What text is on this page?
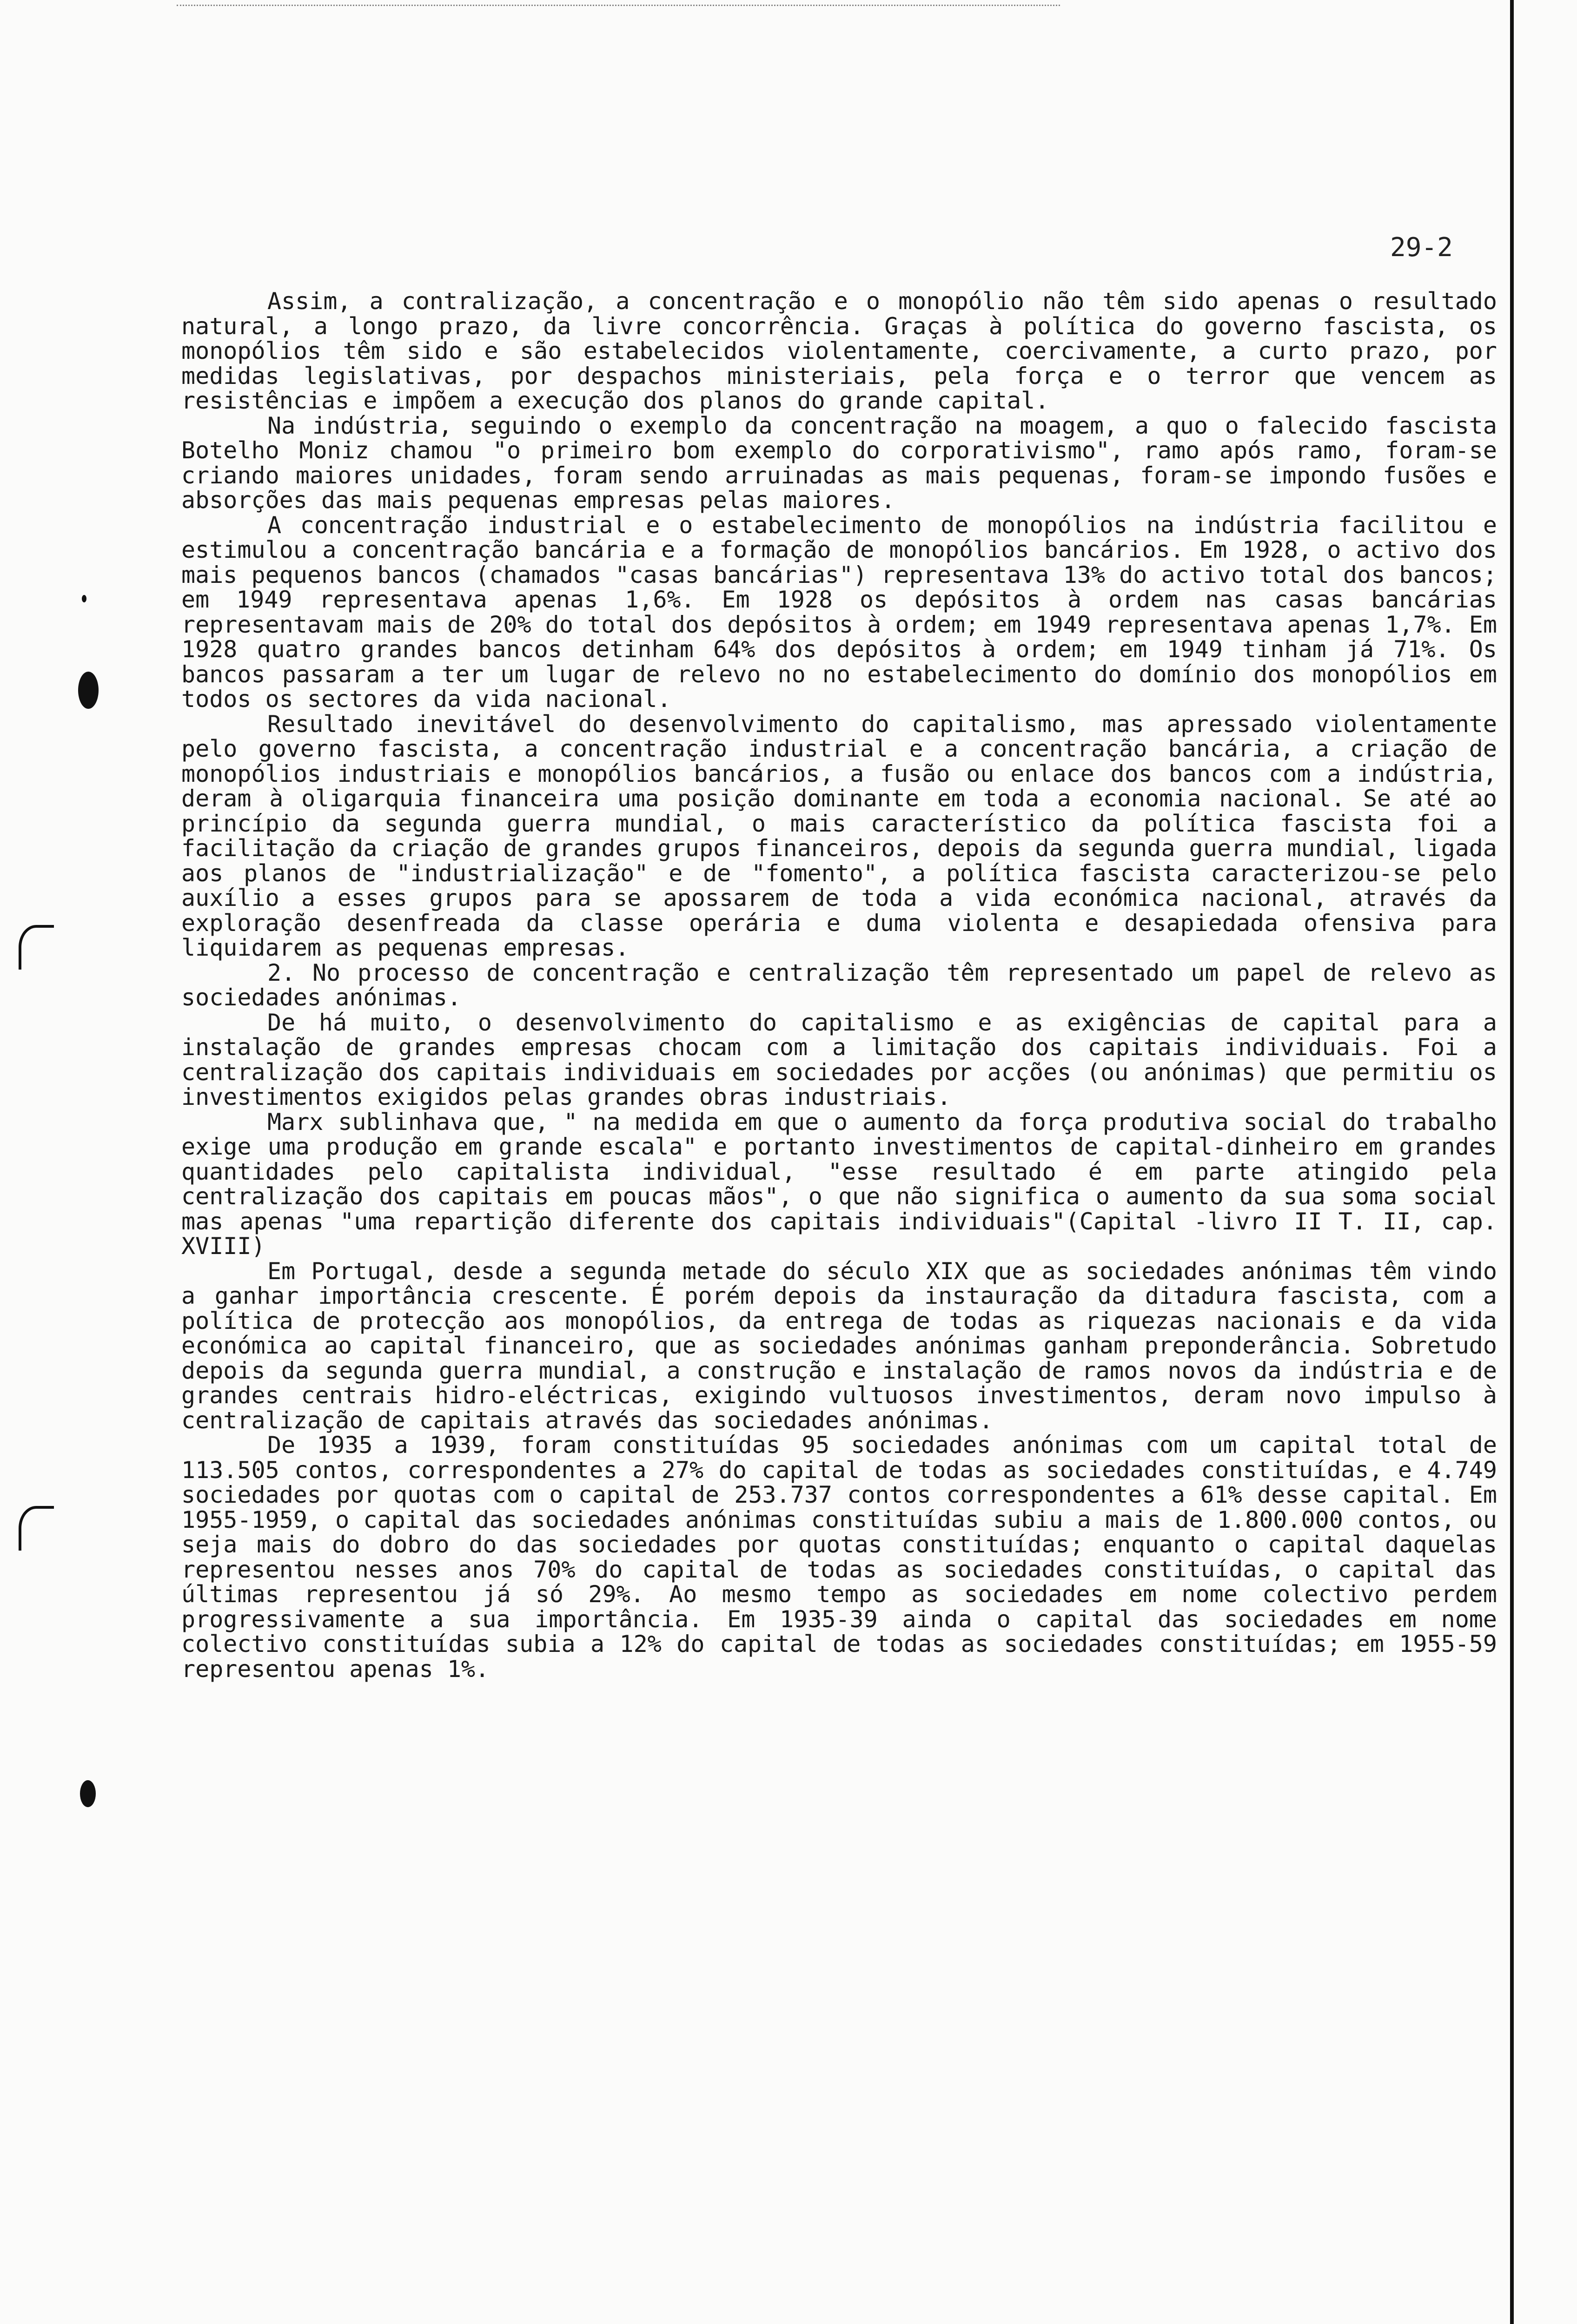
29-2

Assim, a contralização, a concentração e o monopólio não têm sido apenas o resultado natural, a longo prazo, da livre concorrência. Graças à política do governo fascista, os monopólios têm sido e são estabelecidos violentamente, coercivamente, a curto prazo, por medidas legislativas, por despachos ministeriais, pela força e o terror que vencem as resistências e impõem a execução dos planos do grande capital.

Na indústria, seguindo o exemplo da concentração na moagem, a quo o falecido fascista Botelho Moniz chamou "o primeiro bom exemplo do corporativismo", ramo após ramo, foram-se criando maiores unidades, foram sendo arruinadas as mais pequenas, foram-se impondo fusões e absorções das mais pequenas empresas pelas maiores.

A concentração industrial e o estabelecimento de monopólios na indústria facilitou e estimulou a concentração bancária e a formação de monopólios bancários. Em 1928, o activo dos mais pequenos bancos (chamados "casas bancárias") representava 13% do activo total dos bancos; em 1949 representava apenas 1,6%. Em 1928 os depósitos à ordem nas casas bancárias representavam mais de 20% do total dos depósitos à ordem; em 1949 representava apenas 1,7%. Em 1928 quatro grandes bancos detinham 64% dos depósitos à ordem; em 1949 tinham já 71%. Os bancos passaram a ter um lugar de relevo no no estabelecimento do domínio dos monopólios em todos os sectores da vida nacional.

Resultado inevitável do desenvolvimento do capitalismo, mas apressado violentamente pelo governo fascista, a concentração industrial e a concentração bancária, a criação de monopólios industriais e monopólios bancários, a fusão ou enlace dos bancos com a indústria, deram à oligarquia financeira uma posição dominante em toda a economia nacional. Se até ao princípio da segunda guerra mundial, o mais característico da política fascista foi a facilitação da criação de grandes grupos financeiros, depois da segunda guerra mundial, ligada aos planos de "industrialização" e de "fomento", a política fascista caracterizou-se pelo auxílio a esses grupos para se apossarem de toda a vida económica nacional, através da exploração desenfreada da classe operária e duma violenta e desapiedada ofensiva para liquidarem as pequenas empresas.

2. No processo de concentração e centralização têm representado um papel de relevo as sociedades anónimas.

De há muito, o desenvolvimento do capitalismo e as exigências de capital para a instalação de grandes empresas chocam com a limitação dos capitais individuais. Foi a centralização dos capitais individuais em sociedades por acções (ou anónimas) que permitiu os investimentos exigidos pelas grandes obras industriais.

Marx sublinhava que, " na medida em que o aumento da força produtiva social do trabalho exige uma produção em grande escala" e portanto investimentos de capital-dinheiro em grandes quantidades pelo capitalista individual, "esse resultado é em parte atingido pela centralização dos capitais em poucas mãos", o que não significa o aumento da sua soma social mas apenas "uma repartição diferente dos capitais individuais"(Capital -livro II T. II, cap. XVIII)

Em Portugal, desde a segunda metade do século XIX que as sociedades anónimas têm vindo a ganhar importância crescente. É porém depois da instauração da ditadura fascista, com a política de protecção aos monopólios, da entrega de todas as riquezas nacionais e da vida económica ao capital financeiro, que as sociedades anónimas ganham preponderância. Sobretudo depois da segunda guerra mundial, a construção e instalação de ramos novos da indústria e de grandes centrais hidro-eléctricas, exigindo vultuosos investimentos, deram novo impulso à centralização de capitais através das sociedades anónimas.

De 1935 a 1939, foram constituídas 95 sociedades anónimas com um capital total de 113.505 contos, correspondentes a 27% do capital de todas as sociedades constituídas, e 4.749 sociedades por quotas com o capital de 253.737 contos correspondentes a 61% desse capital. Em 1955-1959, o capital das sociedades anónimas constituídas subiu a mais de 1.800.000 contos, ou seja mais do dobro do das sociedades por quotas constituídas; enquanto o capital daquelas representou nesses anos 70% do capital de todas as sociedades constituídas, o capital das últimas representou já só 29%. Ao mesmo tempo as sociedades em nome colectivo perdem progressivamente a sua importância. Em 1935-39 ainda o capital das sociedades em nome colectivo constituídas subia a 12% do capital de todas as sociedades constituídas; em 1955-59 representou apenas 1%.
